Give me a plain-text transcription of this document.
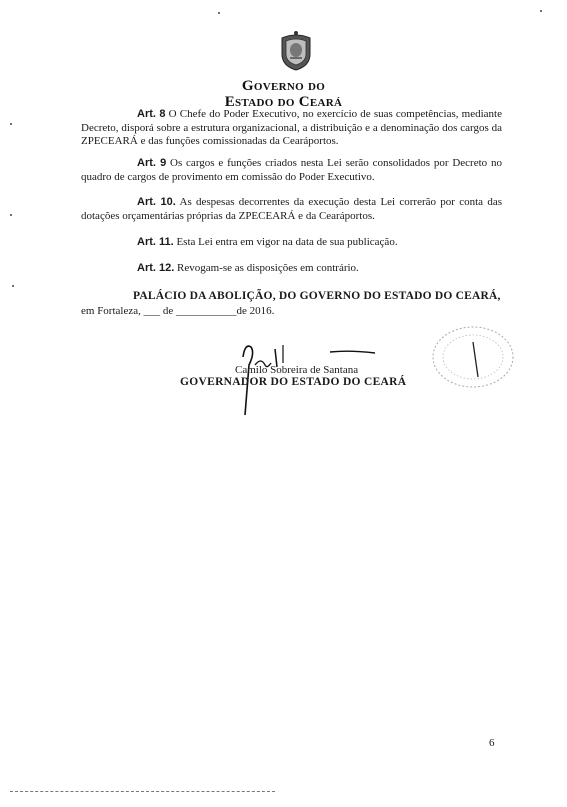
Governo do
Estado do Ceará
Art. 8 O Chefe do Poder Executivo, no exercício de suas competências, mediante Decreto, disporá sobre a estrutura organizacional, a distribuição e a denominação dos cargos da ZPECEARÁ e das funções comissionadas da Cearáportos.
Art. 9 Os cargos e funções criados nesta Lei serão consolidados por Decreto no quadro de cargos de provimento em comissão do Poder Executivo.
Art. 10. As despesas decorrentes da execução desta Lei correrão por conta das dotações orçamentárias próprias da ZPECEARÁ e da Cearáportos.
Art. 11. Esta Lei entra em vigor na data de sua publicação.
Art. 12. Revogam-se as disposições em contrário.
PALÁCIO DA ABOLIÇÃO, DO GOVERNO DO ESTADO DO CEARÁ,
em Fortaleza, ___ de ___________de 2016.
Camilo Sobreira de Santana
GOVERNADOR DO ESTADO DO CEARÁ
6
